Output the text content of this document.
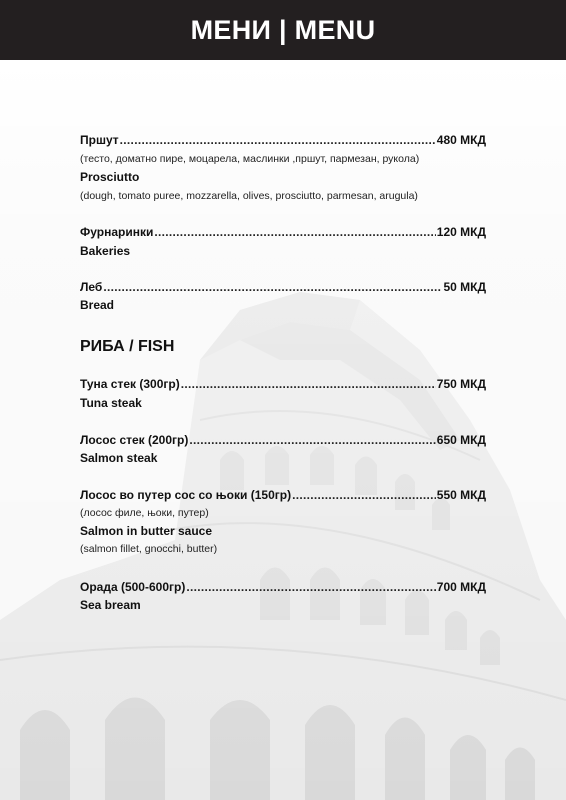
МЕНИ | MENU
Пршут .....	480 МКД
(тесто, доматно пире, моцарела, маслинки ,пршут, пармезан, рукола)
Prosciutto
(dough, tomato puree, mozzarella, olives, prosciutto, parmesan, arugula)
Фурнаринки .....	120 МКД
Bakeries
Леб .....	50 МКД
Bread
РИБА / FISH
Туна стек (300гр) .....	750 МКД
Tuna steak
Лосос стек (200гр) .....	650 МКД
Salmon steak
Лосос во путер сос со њоки (150гр) .....	550 МКД
(лосос филе, њоки, путер)
Salmon in butter sauce
(salmon fillet, gnocchi, butter)
Орада (500-600гр) .....	700 МКД
Sea bream
